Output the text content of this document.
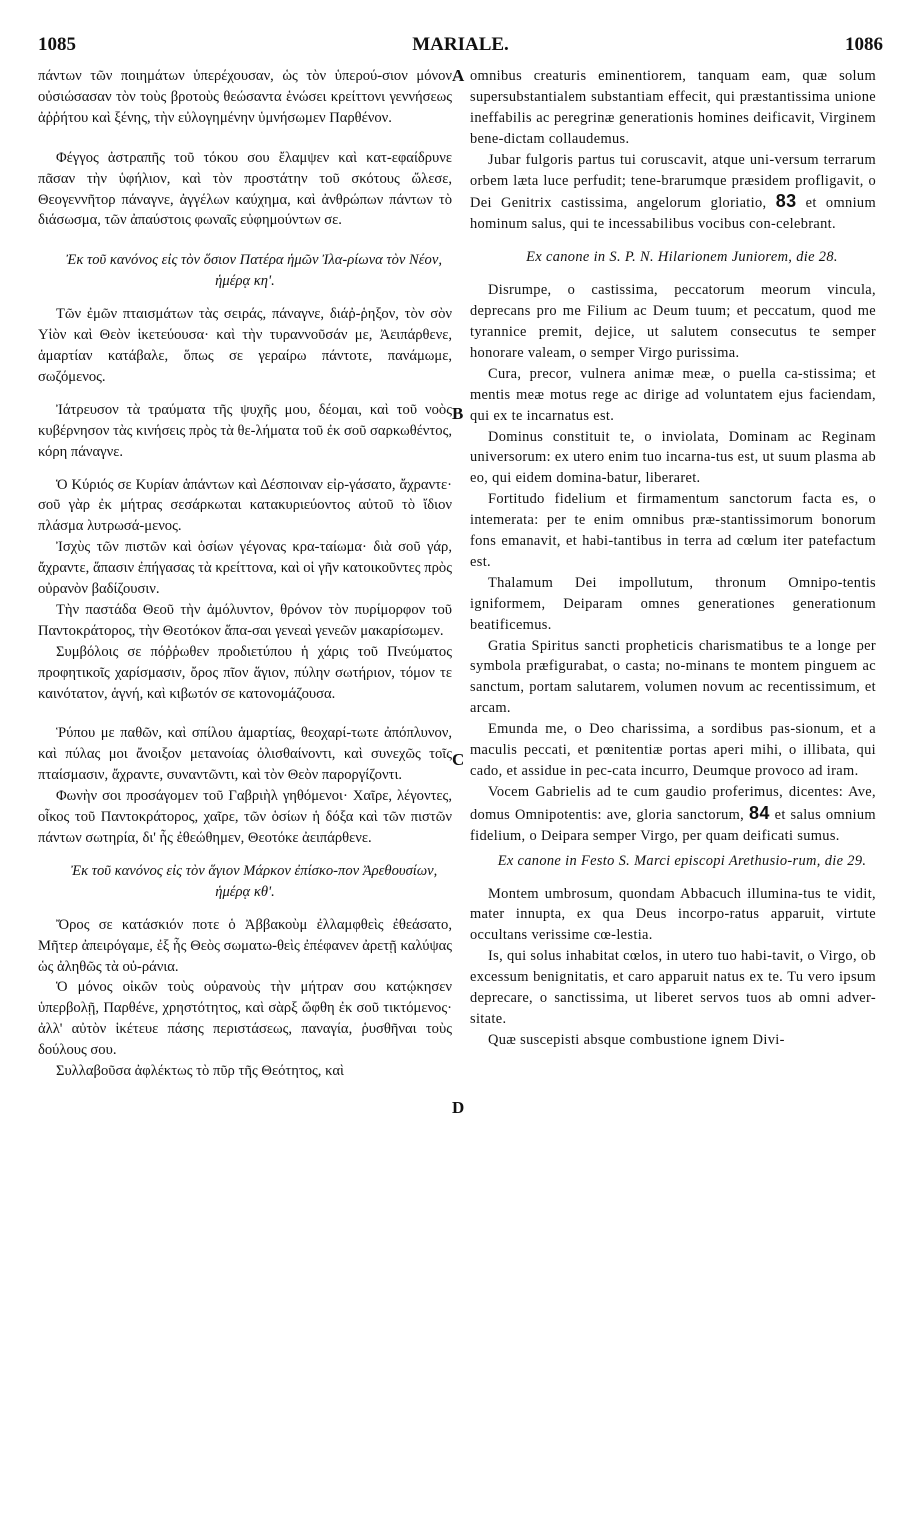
1085	MARIALE.	1086
A
B
C
D

πάντων τῶν ποιημάτων ὑπερέχουσαν, ὡς τὸν ὑπερού-σιον μόνον οὐσιώσασαν τὸν τοὺς βροτοὺς θεώσαντα ἑνώσει κρείττονι γεννήσεως ἀῤῥήτου καὶ ξένης, τὴν εὐλογημένην ὑμνήσωμεν Παρθένον.

Φέγγος ἀστραπῆς τοῦ τόκου σου ἔλαμψεν καὶ κατ-εφαίδρυνε πᾶσαν τὴν ὑφήλιον, καὶ τὸν προστάτην τοῦ σκότους ὤλεσε, Θεογεννῆτορ πάναγνε, ἀγγέλων καύχημα, καὶ ἀνθρώπων πάντων τὸ διάσωσμα, τῶν ἀπαύστοις φωναῖς εὐφημούντων σε.

Ἐκ τοῦ κανόνος εἰς τὸν ὅσιον Πατέρα ἡμῶν Ἰλα-ρίωνα τὸν Νέον, ἡμέρᾳ κη'.

Τῶν ἐμῶν πταισμάτων τὰς σειράς, πάναγνε, διάῤ-ῥηξον, τὸν σὸν Υἱὸν καὶ Θεὸν ἱκετεύουσα· καὶ τὴν τυραννοῦσάν με, Ἀειπάρθενε, ἁμαρτίαν κατάβαλε, ὅπως σε γεραίρω πάντοτε, πανάμωμε, σωζόμενος.

Ἰάτρευσον τὰ τραύματα τῆς ψυχῆς μου, δέομαι, καὶ τοῦ νοὸς κυβέρνησον τὰς κινήσεις πρὸς τὰ θε-λήματα τοῦ ἐκ σοῦ σαρκωθέντος, κόρη πάναγνε.

Ὁ Κύριός σε Κυρίαν ἁπάντων καὶ Δέσποιναν εἰρ-γάσατο, ἄχραντε· σοῦ γὰρ ἐκ μήτρας σεσάρκωται κατακυριεύοντος αὐτοῦ τὸ ἴδιον πλάσμα λυτρωσά-μενος.

Ἰσχὺς τῶν πιστῶν καὶ ὁσίων γέγονας κρα-ταίωμα· διὰ σοῦ γάρ, ἄχραντε, ἅπασιν ἐπήγασας τὰ κρείττονα, καὶ οἱ γῆν κατοικοῦντες πρὸς οὐρανὸν βαδίζουσιν.

Τὴν παστάδα Θεοῦ τὴν ἀμόλυντον, θρόνον τὸν πυρίμορφον τοῦ Παντοκράτορος, τὴν Θεοτόκον ἅπα-σαι γενεαὶ γενεῶν μακαρίσωμεν.

Συμβόλοις σε πόῤῥωθεν προδιετύπου ἡ χάρις τοῦ Πνεύματος προφητικοῖς χαρίσμασιν, ὄρος πῖον ἅγιον, πύλην σωτήριον, τόμον τε καινότατον, ἁγνή, καὶ κιβωτόν σε κατονομάζουσα.

Ῥύπου με παθῶν, καὶ σπίλου ἁμαρτίας, θεοχαρί-τωτε ἀπόπλυνον, καὶ πύλας μοι ἄνοιξον μετανοίας ὀλισθαίνοντι, καὶ συνεχῶς τοῖς πταίσμασιν, ἄχραντε, συναντῶντι, καὶ τὸν Θεὸν παροργίζοντι.

Φωνὴν σοι προσάγομεν τοῦ Γαβριὴλ γηθόμενοι· Χαῖρε, λέγοντες, οἶκος τοῦ Παντοκράτορος, χαῖρε, τῶν ὁσίων ἡ δόξα καὶ τῶν πιστῶν πάντων σωτηρία, δι' ἧς ἐθεώθημεν, Θεοτόκε ἀειπάρθενε.

Ἐκ τοῦ κανόνος εἰς τὸν ἅγιον Μάρκον ἐπίσκο-πον Ἀρεθουσίων, ἡμέρᾳ κθ'.

Ὄρος σε κατάσκιόν ποτε ὁ Ἀββακοὺμ ἐλλαμφθεὶς ἐθεάσατο, Μῆτερ ἀπειρόγαμε, ἐξ ἧς Θεὸς σωματω-θεὶς ἐπέφανεν ἀρετῇ καλύψας ὡς ἀληθῶς τὰ οὐ-ράνια.

Ὁ μόνος οἰκῶν τοὺς οὐρανοὺς τὴν μήτραν σου κατῴκησεν ὑπερβολῇ, Παρθένε, χρηστότητος, καὶ σὰρξ ὤφθη ἐκ σοῦ τικτόμενος· ἀλλ' αὐτὸν ἱκέτευε πάσης περιστάσεως, παναγία, ῥυσθῆναι τοὺς δούλους σου.

Συλλαβοῦσα ἀφλέκτως τὸ πῦρ τῆς Θεότητος, καὶ

omnibus creaturis eminentiorem, tanquam eam, quæ solum supersubstantialem substantiam effecit, qui præstantissima unione ineffabilis ac peregrinæ generationis homines deificavit, Virginem bene-dictam collaudemus.

Jubar fulgoris partus tui coruscavit, atque uni-versum terrarum orbem læta luce perfudit; tene-brarumque præsidem profligavit, o Dei Genitrix castissima, angelorum gloriatio, 83 et omnium hominum salus, qui te incessabilibus vocibus con-celebrant.

Ex canone in S. P. N. Hilarionem Juniorem, die 28.

Disrumpe, o castissima, peccatorum meorum vincula, deprecans pro me Filium ac Deum tuum; et peccatum, quod me tyrannice premit, dejice, ut salutem consecutus te semper honorare valeam, o semper Virgo purissima.

Cura, precor, vulnera animæ meæ, o puella ca-stissima; et mentis meæ motus rege ac dirige ad voluntatem ejus faciendam, qui ex te incarnatus est.

Dominus constituit te, o inviolata, Dominam ac Reginam universorum: ex utero enim tuo incarna-tus est, ut suum plasma ab eo, qui eidem domina-batur, liberaret.

Fortitudo fidelium et firmamentum sanctorum facta es, o intemerata: per te enim omnibus præ-stantissimorum bonorum fons emanavit, et habi-tantibus in terra ad cœlum iter patefactum est.

Thalamum Dei impollutum, thronum Omnipo-tentis igniformem, Deiparam omnes generationes generationum beatificemus.

Gratia Spiritus sancti propheticis charismatibus te a longe per symbola præfigurabat, o casta; no-minans te montem pinguem ac sanctum, portam salutarem, volumen novum ac recentissimum, et arcam.

Emunda me, o Deo charissima, a sordibus pas-sionum, et a maculis peccati, et pœnitentiæ portas aperi mihi, o illibata, qui cado, et assidue in pec-cata incurro, Deumque provoco ad iram.

Vocem Gabrielis ad te cum gaudio proferimus, dicentes: Ave, domus Omnipotentis: ave, gloria sanctorum, 84 et salus omnium fidelium, o Deipara semper Virgo, per quam deificati sumus.

Ex canone in Festo S. Marci episcopi Arethusio-rum, die 29.

Montem umbrosum, quondam Abbacuch illumina-tus te vidit, mater innupta, ex qua Deus incorpo-ratus apparuit, virtute occultans verissime cœ-lestia.

Is, qui solus inhabitat cœlos, in utero tuo habi-tavit, o Virgo, ob excessum benignitatis, et caro apparuit natus ex te. Tu vero ipsum deprecare, o sanctissima, ut liberet servos tuos ab omni adver-sitate.

Quæ suscepisti absque combustione ignem Divi-
